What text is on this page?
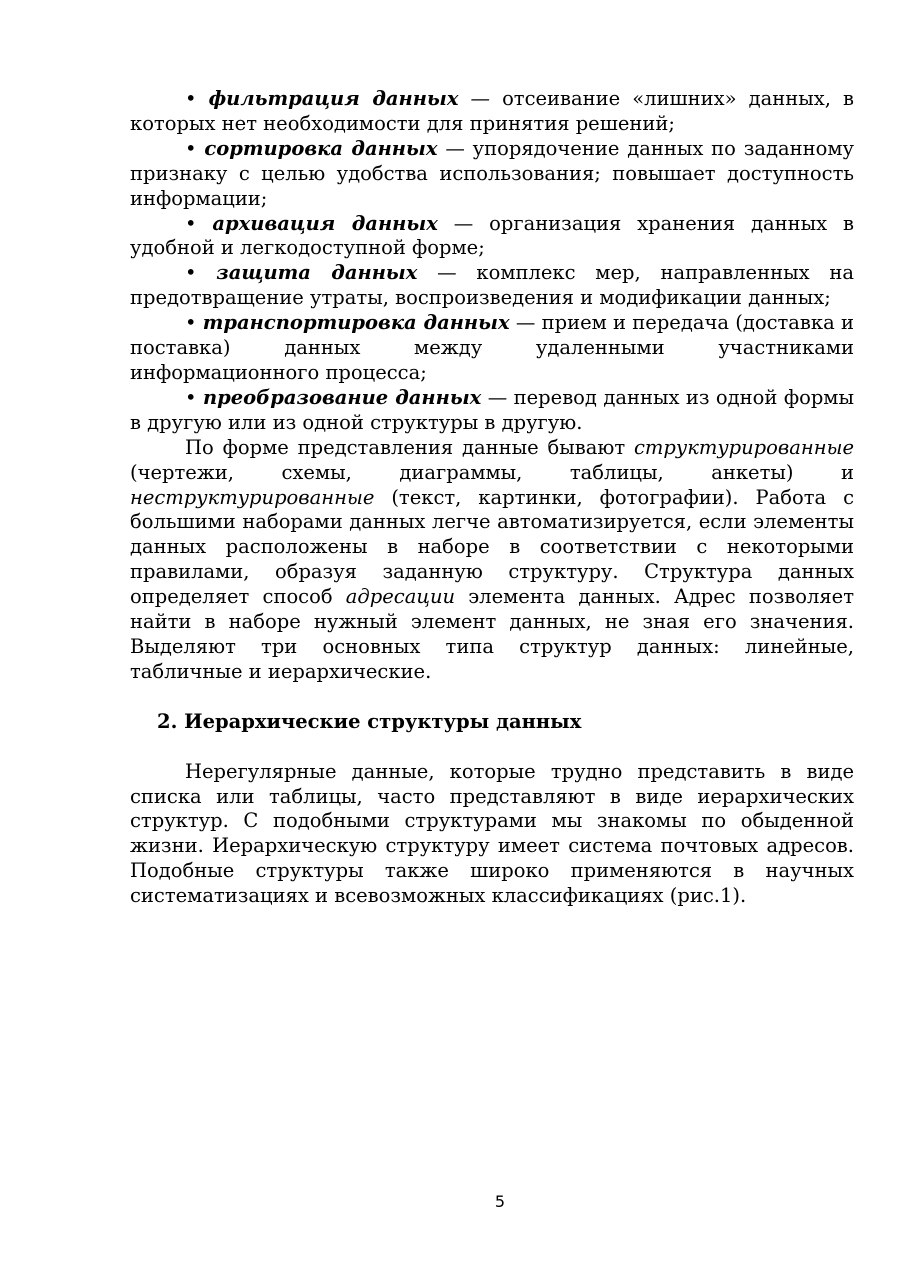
• фильтрация данных — отсеивание «лишних» данных, в которых нет необходимости для принятия решений;

• сортировка данных — упорядочение данных по заданному признаку с целью удобства использования; повышает доступность информации;

• архивация данных — организация хранения данных в удобной и легкодоступной форме;

• защита данных — комплекс мер, направленных на предотвращение утраты, воспроизведения и модификации данных;

• транспортировка данных — прием и передача (доставка и поставка) данных между удаленными участниками информационного процесса;

• преобразование данных — перевод данных из одной формы в другую или из одной структуры в другую.

По форме представления данные бывают структурированные (чертежи, схемы, диаграммы, таблицы, анкеты) и неструктурированные (текст, картинки, фотографии). Работа с большими наборами данных легче автоматизируется, если элементы данных расположены в наборе в соответствии с некоторыми правилами, образуя заданную структуру. Структура данных определяет способ адресации элемента данных. Адрес позволяет найти в наборе нужный элемент данных, не зная его значения. Выделяют три основных типа структур данных: линейные, табличные и иерархические.

2. Иерархические структуры данных

Нерегулярные данные, которые трудно представить в виде списка или таблицы, часто представляют в виде иерархических структур. С подобными структурами мы знакомы по обыденной жизни. Иерархическую структуру имеет система почтовых адресов. Подобные структуры также широко применяются в научных систематизациях и всевозможных классификациях (рис.1).

5
